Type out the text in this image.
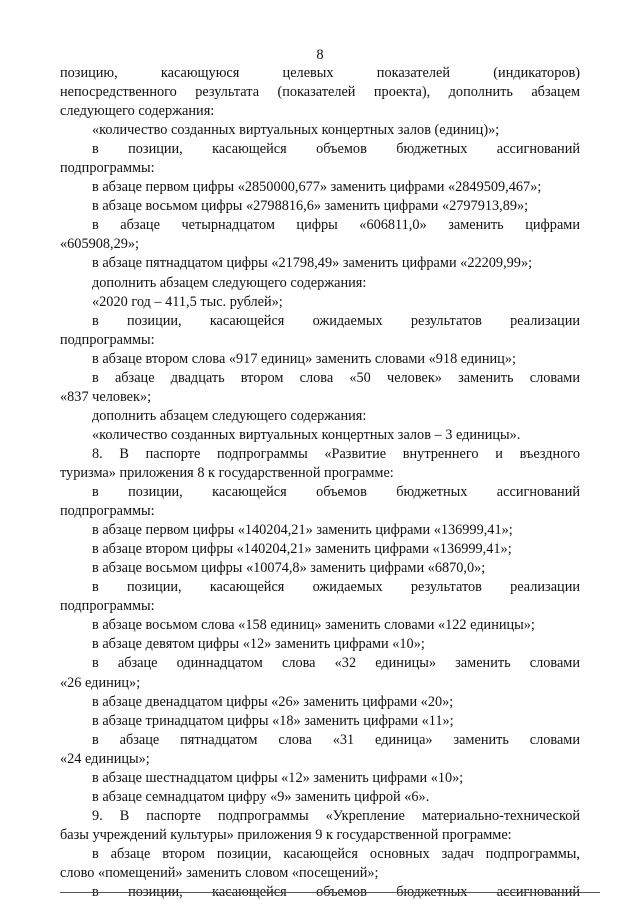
8
позицию, касающуюся целевых показателей (индикаторов)
непосредственного результата (показателей проекта), дополнить абзацем
следующего содержания:
«количество созданных виртуальных концертных залов (единиц)»;
в позиции, касающейся объемов бюджетных ассигнований
подпрограммы:
в абзаце первом цифры «2850000,677» заменить цифрами «2849509,467»;
в абзаце восьмом цифры «2798816,6» заменить цифрами «2797913,89»;
в абзаце четырнадцатом цифры «606811,0» заменить цифрами
«605908,29»;
в абзаце пятнадцатом цифры «21798,49» заменить цифрами «22209,99»;
дополнить абзацем следующего содержания:
«2020 год – 411,5 тыс. рублей»;
в позиции, касающейся ожидаемых результатов реализации
подпрограммы:
в абзаце втором слова «917 единиц» заменить словами «918 единиц»;
в абзаце двадцать втором слова «50 человек» заменить словами
«837 человек»;
дополнить абзацем следующего содержания:
«количество созданных виртуальных концертных залов – 3 единицы».
8. В паспорте подпрограммы «Развитие внутреннего и въездного
туризма» приложения 8 к государственной программе:
в позиции, касающейся объемов бюджетных ассигнований
подпрограммы:
в абзаце первом цифры «140204,21» заменить цифрами «136999,41»;
в абзаце втором цифры «140204,21» заменить цифрами «136999,41»;
в абзаце восьмом цифры «10074,8» заменить цифрами «6870,0»;
в позиции, касающейся ожидаемых результатов реализации
подпрограммы:
в абзаце восьмом слова «158 единиц» заменить словами «122 единицы»;
в абзаце девятом цифры «12» заменить цифрами «10»;
в абзаце одиннадцатом слова «32 единицы» заменить словами
«26 единиц»;
в абзаце двенадцатом цифры «26» заменить цифрами «20»;
в абзаце тринадцатом цифры «18» заменить цифрами «11»;
в абзаце пятнадцатом слова «31 единица» заменить словами
«24 единицы»;
в абзаце шестнадцатом цифры «12» заменить цифрами «10»;
в абзаце семнадцатом цифру «9» заменить цифрой «6».
9. В паспорте подпрограммы «Укрепление материально-технической
базы учреждений культуры» приложения 9 к государственной программе:
в абзаце втором позиции, касающейся основных задач подпрограммы,
слово «помещений» заменить словом «посещений»;
в позиции, касающейся объемов бюджетных ассигнований
